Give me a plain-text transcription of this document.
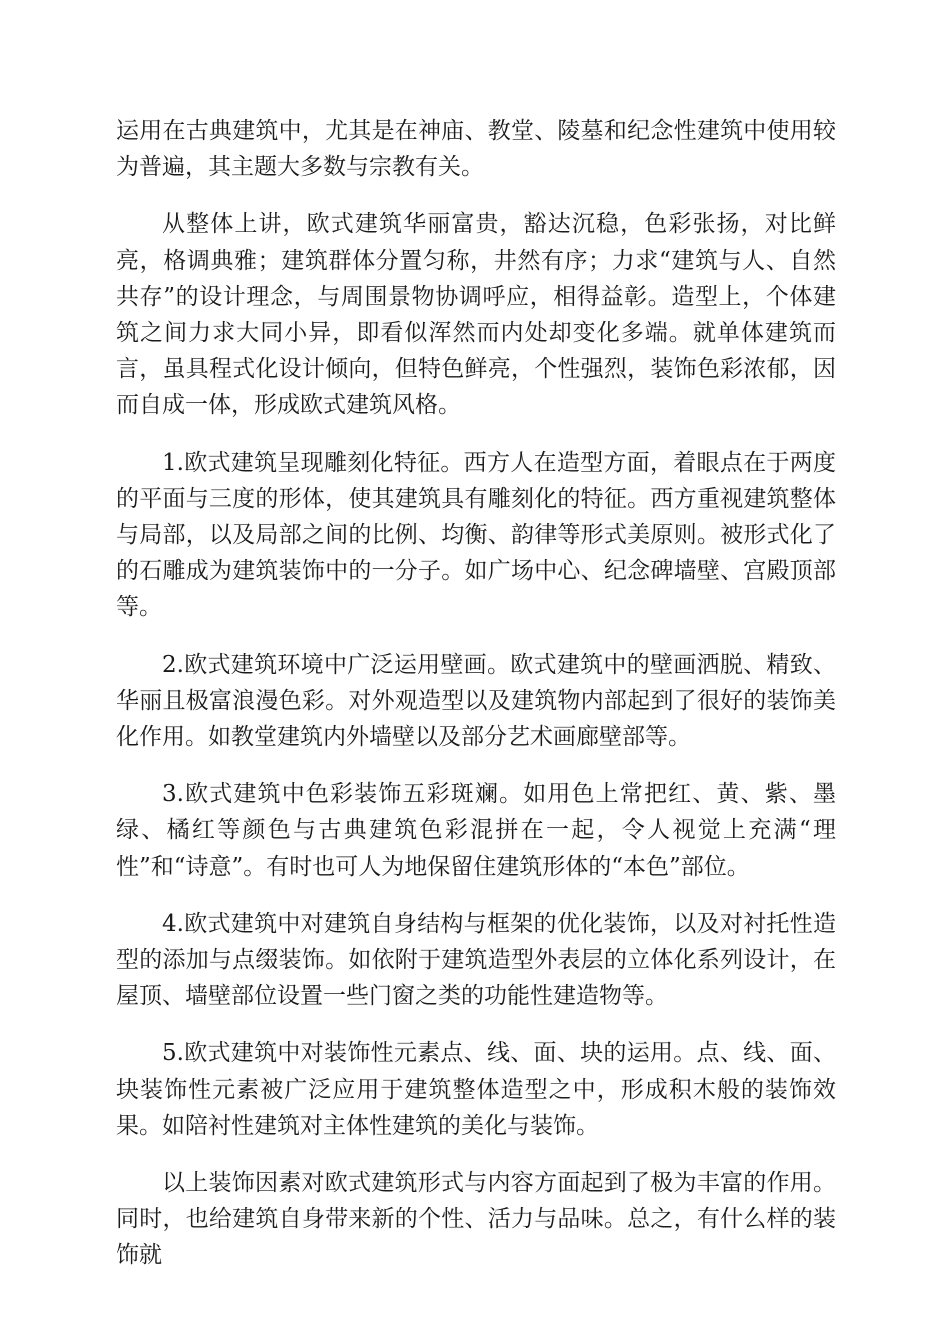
运用在古典建筑中，尤其是在神庙、教堂、陵墓和纪念性建筑中使用较为普遍，其主题大多数与宗教有关。

从整体上讲，欧式建筑华丽富贵，豁达沉稳，色彩张扬，对比鲜亮，格调典雅；建筑群体分置匀称，井然有序；力求“建筑与人、自然共存”的设计理念，与周围景物协调呼应，相得益彰。造型上，个体建筑之间力求大同小异，即看似浑然而内处却变化多端。就单体建筑而言，虽具程式化设计倾向，但特色鲜亮，个性强烈，装饰色彩浓郁，因而自成一体，形成欧式建筑风格。

1.欧式建筑呈现雕刻化特征。西方人在造型方面，着眼点在于两度的平面与三度的形体，使其建筑具有雕刻化的特征。西方重视建筑整体与局部，以及局部之间的比例、均衡、韵律等形式美原则。被形式化了的石雕成为建筑装饰中的一分子。如广场中心、纪念碑墙壁、宫殿顶部等。

2.欧式建筑环境中广泛运用壁画。欧式建筑中的壁画洒脱、精致、华丽且极富浪漫色彩。对外观造型以及建筑物内部起到了很好的装饰美化作用。如教堂建筑内外墙壁以及部分艺术画廊壁部等。

3.欧式建筑中色彩装饰五彩斑斓。如用色上常把红、黄、紫、墨绿、橘红等颜色与古典建筑色彩混拼在一起，令人视觉上充满“理性”和“诗意”。有时也可人为地保留住建筑形体的“本色”部位。

4.欧式建筑中对建筑自身结构与框架的优化装饰，以及对衬托性造型的添加与点缀装饰。如依附于建筑造型外表层的立体化系列设计，在屋顶、墙壁部位设置一些门窗之类的功能性建造物等。

5.欧式建筑中对装饰性元素点、线、面、块的运用。点、线、面、块装饰性元素被广泛应用于建筑整体造型之中，形成积木般的装饰效果。如陪衬性建筑对主体性建筑的美化与装饰。

以上装饰因素对欧式建筑形式与内容方面起到了极为丰富的作用。同时，也给建筑自身带来新的个性、活力与品味。总之，有什么样的装饰就
